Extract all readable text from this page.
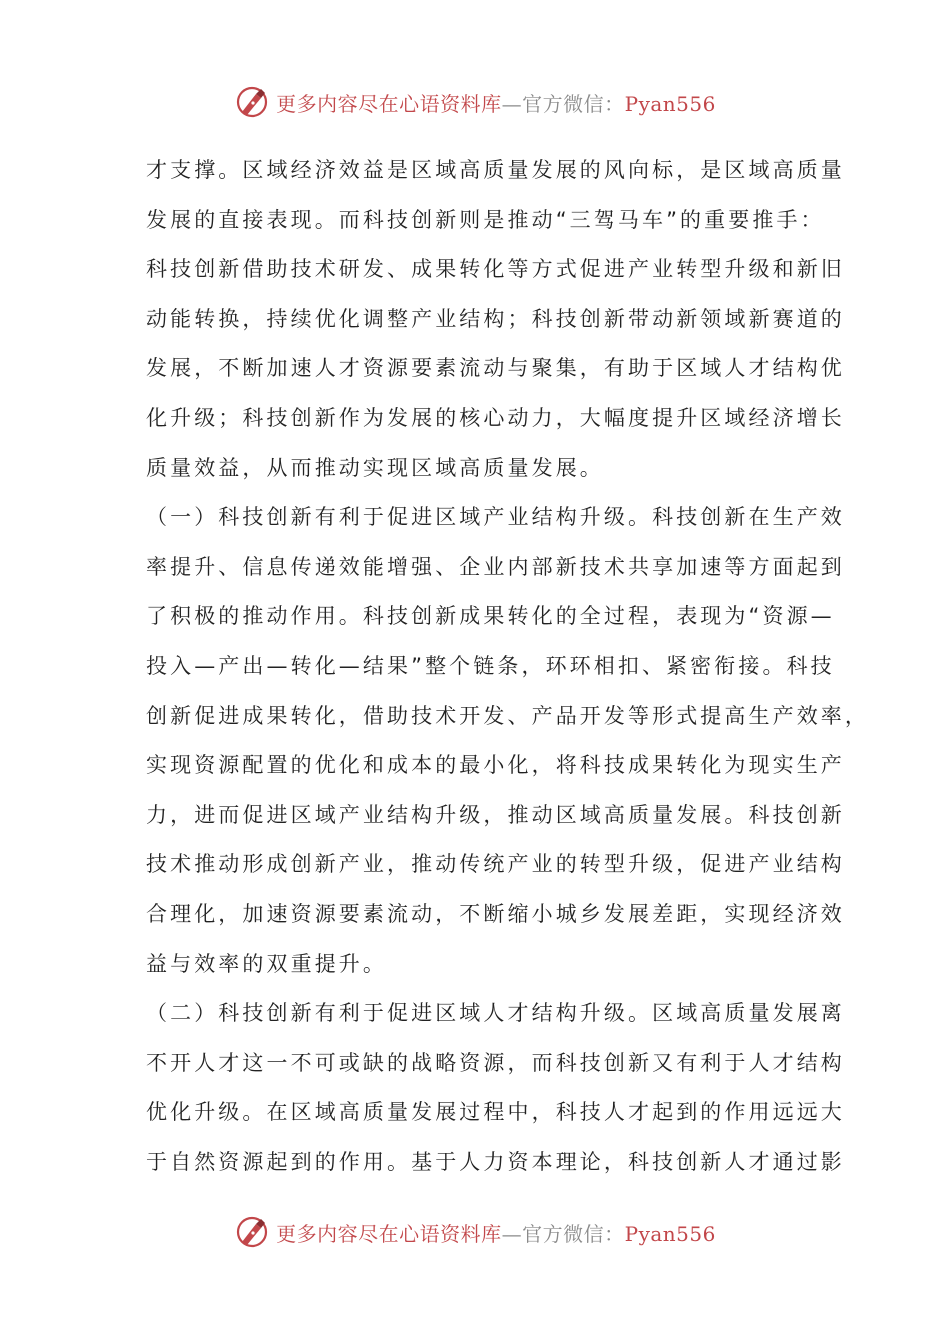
更多内容尽在心语资料库—官方微信：Pyan556
才支撑。区域经济效益是区域高质量发展的风向标，是区域高质量
发展的直接表现。而科技创新则是推动“三驾马车”的重要推手：
科技创新借助技术研发、成果转化等方式促进产业转型升级和新旧
动能转换，持续优化调整产业结构；科技创新带动新领域新赛道的
发展，不断加速人才资源要素流动与聚集，有助于区域人才结构优
化升级；科技创新作为发展的核心动力，大幅度提升区域经济增长
质量效益，从而推动实现区域高质量发展。
（一）科技创新有利于促进区域产业结构升级。科技创新在生产效
率提升、信息传递效能增强、企业内部新技术共享加速等方面起到
了积极的推动作用。科技创新成果转化的全过程，表现为“资源—
投入—产出—转化—结果”整个链条，环环相扣、紧密衔接。科技
创新促进成果转化，借助技术开发、产品开发等形式提高生产效率，
实现资源配置的优化和成本的最小化，将科技成果转化为现实生产
力，进而促进区域产业结构升级，推动区域高质量发展。科技创新
技术推动形成创新产业，推动传统产业的转型升级，促进产业结构
合理化，加速资源要素流动，不断缩小城乡发展差距，实现经济效
益与效率的双重提升。
（二）科技创新有利于促进区域人才结构升级。区域高质量发展离
不开人才这一不可或缺的战略资源，而科技创新又有利于人才结构
优化升级。在区域高质量发展过程中，科技人才起到的作用远远大
于自然资源起到的作用。基于人力资本理论，科技创新人才通过影
更多内容尽在心语资料库—官方微信：Pyan556
